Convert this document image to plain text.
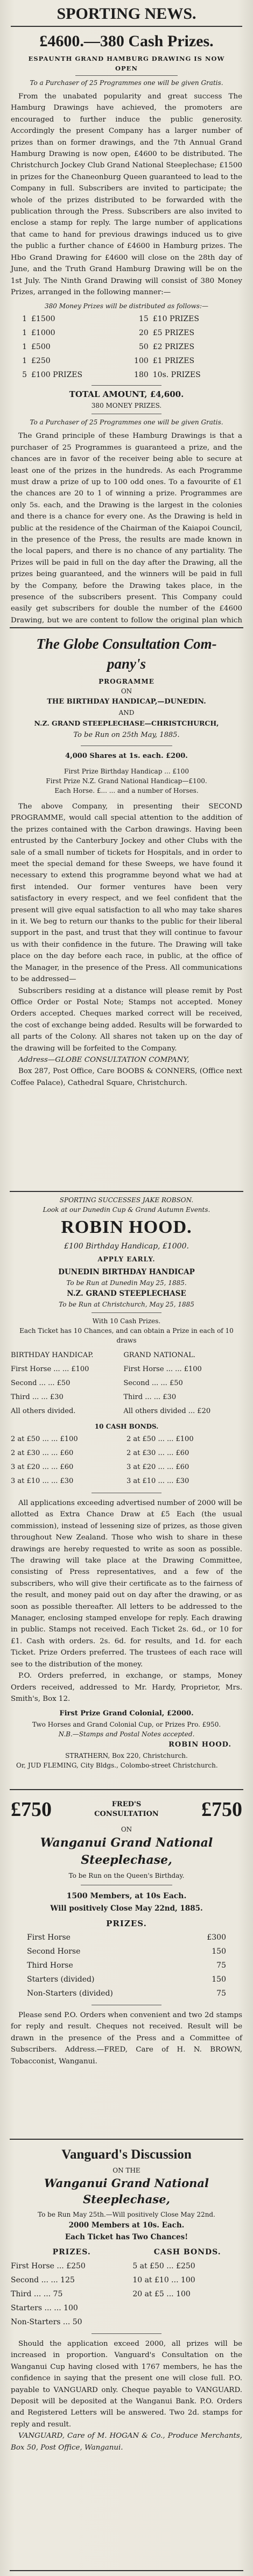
SPORTING NEWS.
£4600.—380 Cash Prizes.
ESPAUNTH GRAND HAMBURG DRAWING IS NOW OPEN
To a Purchaser of 25 Programmes one will be given Gratis.

From the unabated popularity and great success The Hamburg Drawings have achieved, the promoters are encouraged to further induce the public generosity. Accordingly the present Company has a larger number of prizes than on former drawings, and the 7th Annual Grand Hamburg Drawing is now open, £4600 to be distributed. The Christchurch Jockey Club Grand National Steeplechase; £1500 in prizes for the Chaneonburg Queen guaranteed to lead to the Company in full. Subscribers are invited to participate; the whole of the prizes distributed to be forwarded with the publication through the Press. Subscribers are also invited to enclose a stamp for reply. The large number of applications that came to hand for previous drawings induced us to give the public a further chance of £4600 in Hamburg prizes. The Hbo Grand Drawing for £4600 will close on the 28th day of June, and the Truth Grand Hamburg Drawing will be on the 1st July. The Ninth Grand Drawing will consist of 380 Money Prizes, arranged in the following manner:—

380 Money Prizes will be distributed as follows:—
1	£1500	15	£10 PRIZES
1	£1000	20	£5 PRIZES
1	£500	50	£2 PRIZES
1	£250	100	£1 PRIZES
5	£100 PRIZES	180	10s. PRIZES
TOTAL AMOUNT, £4,600.
380 MONEY PRIZES.
To a Purchaser of 25 Programmes one will be given Gratis.

The Grand principle of these Hamburg Drawings is that a purchaser of 25 Programmes is guaranteed a prize, and the chances are in favor of the receiver being able to secure at least one of the prizes in the hundreds. As each Programme must draw a prize of up to 100 odd ones. To a favourite of £1 the chances are 20 to 1 of winning a prize. Programmes are only 5s. each, and the Drawing is the largest in the colonies and there is a chance for every one. As the Drawing is held in public at the residence of the Chairman of the Kaiapoi Council, in the presence of the Press, the results are made known in the local papers, and there is no chance of any partiality. The Prizes will be paid in full on the day after the Drawing, all the prizes being guaranteed, and the winners will be paid in full by the Company, before the Drawing takes place, in the presence of the subscribers present. This Company could easily get subscribers for double the number of the £4600 Drawing, but we are content to follow the original plan which

The Globe Consultation Com-
pany's
PROGRAMME
ON
THE BIRTHDAY HANDICAP,—DUNEDIN.
AND
N.Z. GRAND STEEPLECHASE—CHRISTCHURCH,
To be Run on 25th May, 1885.
4,000 Shares at 1s. each. £200.
First Prize Birthday Handicap ... £100
First Prize N.Z. Grand National Handicap—£100.
Each Horse. £... ... and a number of Horses.

The above Company, in presenting their SECOND PROGRAMME, would call special attention to the addition of the prizes contained with the Carbon drawings. Having been entrusted by the Canterbury Jockey and other Clubs with the sale of a small number of tickets for Hospitals, and in order to meet the special demand for these Sweeps, we have found it necessary to extend this programme beyond what we had at first intended. Our former ventures have been very satisfactory in every respect, and we feel confident that the present will give equal satisfaction to all who may take shares in it. We beg to return our thanks to the public for their liberal support in the past, and trust that they will continue to favour us with their confidence in the future. The Drawing will take place on the day before each race, in public, at the office of the Manager, in the presence of the Press. All communications to be addressed—

Subscribers residing at a distance will please remit by Post Office Order or Postal Note; Stamps not accepted. Money Orders accepted. Cheques marked correct will be received, the cost of exchange being added. Results will be forwarded to all parts of the Colony. All shares not taken up on the day of the drawing will be forfeited to the Company.

Address—GLOBE CONSULTATION COMPANY,

Box 287, Post Office, Care BOOBS & CONNERS, (Office next Coffee Palace), Cathedral Square, Christchurch.

SPORTING SUCCESSES JAKE ROBSON.
Look at our Dunedin Cup & Grand Autumn Events.
ROBIN HOOD.
£100 Birthday Handicap, £1000.
APPLY EARLY.
DUNEDIN BIRTHDAY HANDICAP
To be Run at Dunedin May 25, 1885.
N.Z. GRAND STEEPLECHASE
To be Run at Christchurch, May 25, 1885
With 10 Cash Prizes.
Each Ticket has 10 Chances, and can obtain a Prize in each of 10 draws
BIRTHDAY HANDICAP.	GRAND NATIONAL.
First Horse ... ... £100	First Horse ... ... £100
Second ... ... £50	Second ... ... £50
Third ... ... £30	Third ... ... £30
All others divided.	All others divided ... £20
10 CASH BONDS.
2 at £50 ... ... £100	2 at £50 ... ... £100
2 at £30 ... ... £60	2 at £30 ... ... £60
3 at £20 ... ... £60	3 at £20 ... ... £60
3 at £10 ... ... £30	3 at £10 ... ... £30

All applications exceeding advertised number of 2000 will be allotted as Extra Chance Draw at £5 Each (the usual commission), instead of lessening size of prizes, as those given throughout New Zealand. Those who wish to share in these drawings are hereby requested to write as soon as possible. The drawing will take place at the Drawing Committee, consisting of Press representatives, and a few of the subscribers, who will give their certificate as to the fairness of the result, and money paid out on day after the drawing, or as soon as possible thereafter. All letters to be addressed to the Manager, enclosing stamped envelope for reply. Each drawing in public. Stamps not received. Each Ticket 2s. 6d., or 10 for £1. Cash with orders. 2s. 6d. for results, and 1d. for each Ticket. Prize Orders preferred. The trustees of each race will see to the distribution of the money.

P.O. Orders preferred, in exchange, or stamps, Money Orders received, addressed to Mr. Hardy, Proprietor, Mrs. Smith's, Box 12.

First Prize Grand Colonial, £2000.
Two Horses and Grand Colonial Cup, or Prizes Pro. £950.
N.B.—Stamps and Postal Notes accepted.
ROBIN HOOD.
STRATHERN, Box 220, Christchurch.
Or, JUD FLEMING, City Bldgs., Colombo-street Christchurch.
£750	FRED'S
CONSULTATION £750
ON
Wanganui Grand National
Steeplechase,
To be Run on the Queen's Birthday.
1500 Members, at 10s Each.
Will positively Close May 22nd, 1885.
PRIZES.
First Horse	£300
Second Horse	150
Third Horse	75
Starters (divided)	150
Non-Starters (divided)	75

Please send P.O. Orders when convenient and two 2d stamps for reply and result. Cheques not received. Result will be drawn in the presence of the Press and a Committee of Subscribers. Address.—FRED, Care of H. N. BROWN, Tobacconist, Wanganui.

Vanguard's Discussion
ON THE
Wanganui Grand National
Steeplechase,
To be Run May 25th.—Will positively Close May 22nd.
2000 Members at 10s. Each.
Each Ticket has Two Chances!
PRIZES.	CASH BONDS.
First Horse ... £250	5 at £50 ... £250
Second ... ... 125	10 at £10 ... 100
Third ... ... 75	20 at £5 ... 100
Starters ... ... 100	
Non-Starters ... 50	

Should the application exceed 2000, all prizes will be increased in proportion. Vanguard's Consultation on the Wanganui Cup having closed with 1767 members, he has the confidence in saying that the present one will close full. P.O. payable to VANGUARD only. Cheque payable to VANGUARD. Deposit will be deposited at the Wanganui Bank. P.O. Orders and Registered Letters will be answered. Two 2d. stamps for reply and result.

VANGUARD, Care of M. HOGAN & Co., Produce Merchants, Box 50, Post Office, Wanganui.
